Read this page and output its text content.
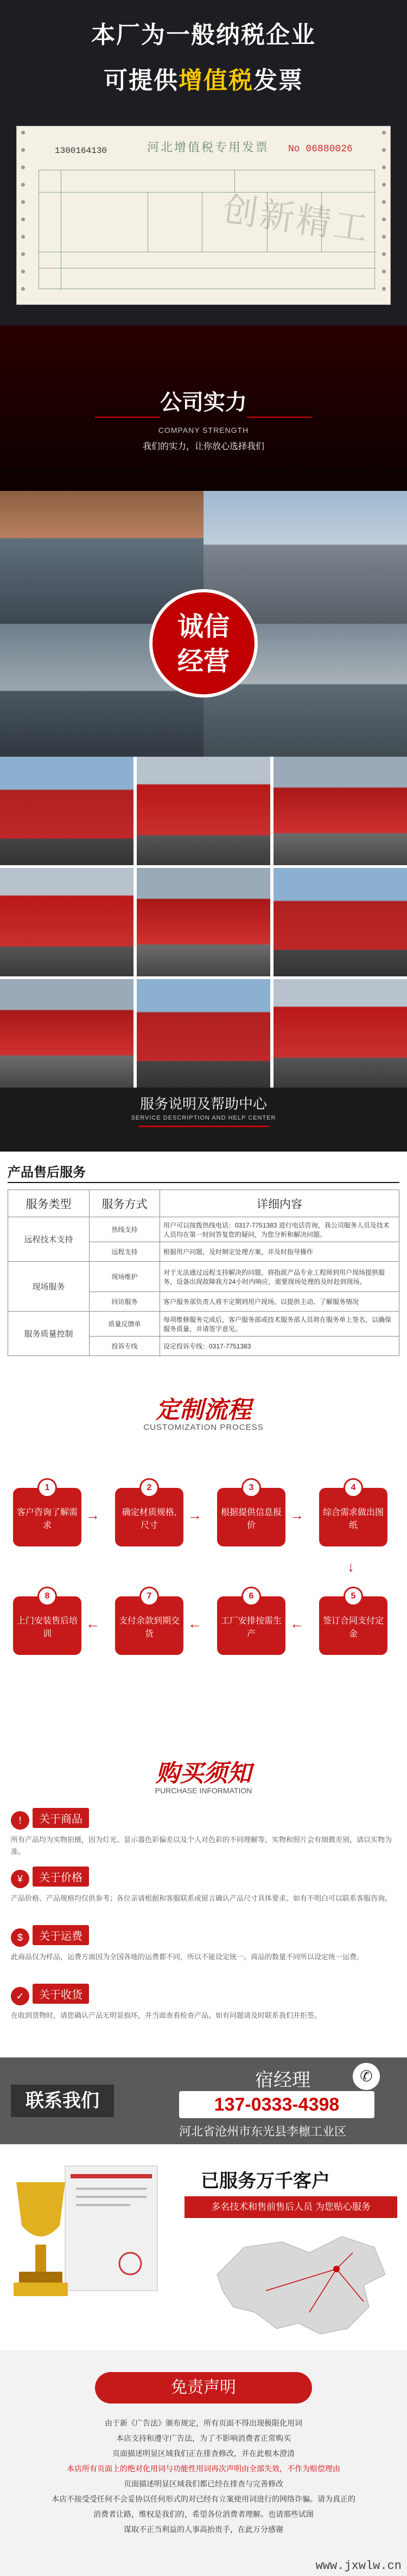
本厂为一般纳税企业
可提供增值税发票
1300164130	河北增值税专用发票 No 06880026
创新精工
公司实力
COMPANY STRENGTH
我们的实力，让你放心选择我们
诚信
经营
服务说明及帮助中心
SERVICE DESCRIPTION AND HELP CENTER
产品售后服务
服务类型	服务方式	详细内容
远程技术支持	热线支持	用户可以按拨热线电话：0317-7751383 进行电话咨询，我公司服务人员及技术人员均在第一时间答复您的疑问，为您分析和解决问题。
	远程支持	根据用户问题，及时制定处理方案，并及时指导操作
现场服务	现场维护	对于无法通过远程支持解决的问题，将指派产品专业工程师到用户现场提供服务，设备出现故障我方24小时内响应，需要现场处理的及时赶到现场。
	回访服务	客户服务部负责人将不定期到用户现场，以提供主动、了解服务情况
服务质量控制	质量反馈单	每项维修服务完成后，客户服务部或技术服务部人员将在服务单上签名，以确保服务质量，并请签字意见。
	投诉专线	设定投诉专线：0317-7751383
定制流程
CUSTOMIZATION PROCESS
1
客户咨询了解需求
→
2
确定材质规格,尺寸
→
3
根据提供信息报价
→
4
综合需求做出图纸
↓
5
签订合同支付定金
←
6
工厂安排按需生产
←
7
支付余款到期交货
←
8
上门安装售后培训
购买须知
PURCHASE INFORMATION
! 关于商品

所有产品均为实物拍摄，因为灯光、显示器色彩偏差以及个人对色彩的不同理解等，实物和照片会有细微差别，请以实物为准。

¥ 关于价格

产品价格、产品规格均仅供参考；各位亲请根据和客服联系或留言确认产品尺寸具体要求。如有不明白可以联系客服咨询。

$ 关于运费

此商品仅为样品，运费方面因为全国各地的运费都不同，所以不能设定统一。商品的数量不同所以设定统一运费。

✓ 关于收货

在收到货物时，请您确认产品无明显损坏，并当面查看检查产品。如有问题请及时联系我们并拒签。

联系我们
宿经理	✆
137-0333-4398
河北省沧州市东光县李檩工业区
已服务万千客户
多名技术和售前售后人员 为您贴心服务
免责声明
由于新《广告法》颁布规定，所有页面不得出现极限化用词
本店支持和遵守广告法，为了不影响消费者正常购买
页面描述明显区域我们正在排查修改，并在此根本澄清
本店所有页面上的绝对化用词与功能性用词再次声明由全部失效，不作为赔偿理由
页面描述明显区域我们都已经在排查与完善修改
本店不接受受任何不会妥协以任何形式的对已经有立案使用词进行的网络诈骗。请为真正的
消费者让路，维权是我们的，希望各位消费者理解。也请那些试图
谋取不正当利益的人事高抬贵手，在此万分感谢
www.jxwlw.cn
